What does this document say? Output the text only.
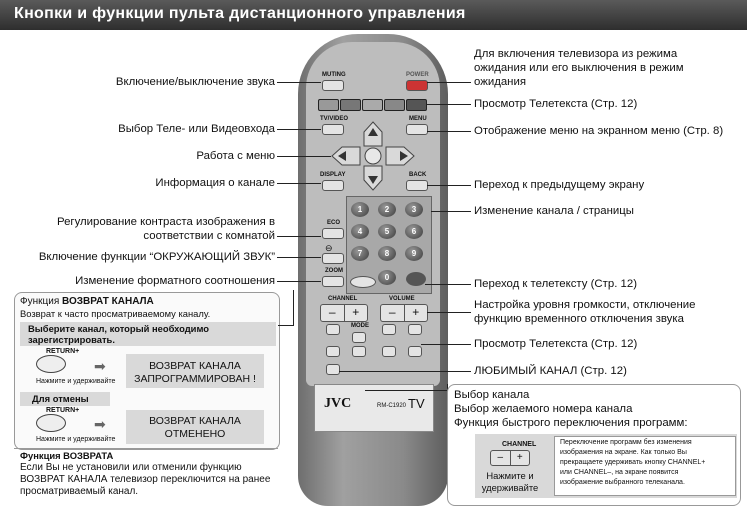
Кнопки и функции пульта дистанционного управления
MUTING	POWER
TV/VIDEO	MENU
DISPLAY	BACK
1	2	3
4	5	6
7	8	9
0
ECO
⊖
ZOOM
CHANNEL
–	+
VOLUME
–	+
MODE
JVC	RM-C1920 TV
Включение/выключение звука
Выбор Теле- или Видеовхода
Работа с меню
Информация о канале
Регулирование контраста изображения в
соответствии с комнатой
Включение функции “ОКРУЖАЮЩИЙ ЗВУК”
Изменение форматного соотношения
Для включения телевизора из режима
ожидания или его выключения в режим
ожидания
Просмотр Телетекста (Стр. 12)
Отображение меню на экранном меню (Стр. 8)
Переход к предыдущему экрану
Изменение канала / страницы
Переход к телетексту (Стр. 12)
Настройка уровня громкости, отключение
функцию временного отключения звука
Просмотр Телетекста (Стр. 12)
ЛЮБИМЫЙ КАНАЛ (Стр. 12)
Функция ВОЗВРАТ КАНАЛА
Возврат к часто просматриваемому каналу.
Выберите канал, который необходимо
зарегистрировать.
RETURN+
Нажмите и удерживайте
➡	ВОЗВРАТ КАНАЛА
ЗАПРОГРАММИРОВАН !
Для отмены
RETURN+
Нажмите и удерживайте
➡	ВОЗВРАТ КАНАЛА
ОТМЕНЕНО
Функция ВОЗВРАТА
Если Вы не установили или отменили функцию
ВОЗВРАТ КАНАЛА телевизор переключится на ранее
просматриваемый канал.
Выбор канала
Выбор желаемого номера канала
Функция быстрого переключения программ:
CHANNEL
–	+
Нажмите и
удерживайте
Переключение программ без изменения
изображения на экране. Как только Вы
прекращаете удерживать кнопку CHANNEL+
или CHANNEL–, на экране появится
изображение выбранного телеканала.
